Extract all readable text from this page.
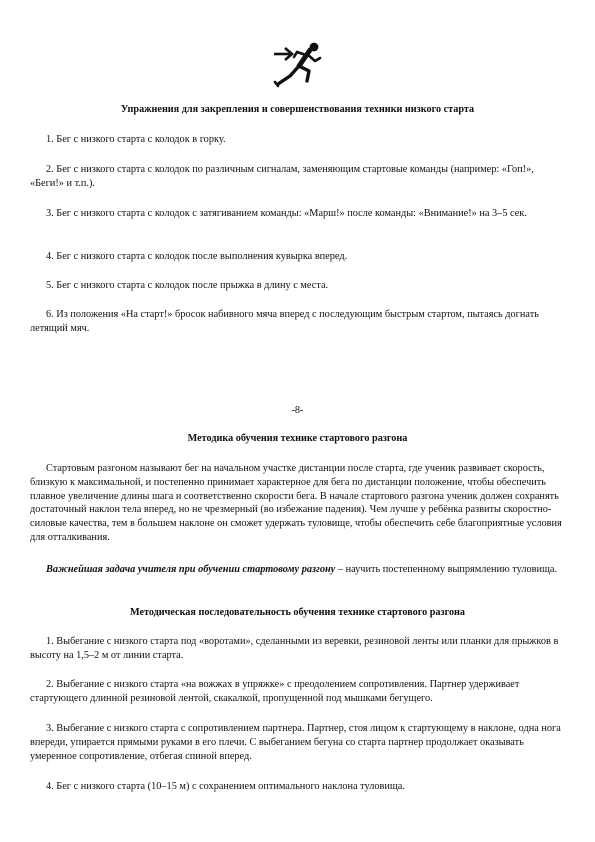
Упражнения для закрепления и совершенствования техники низкого старта

1. Бег с низкого старта с колодок в горку.

2. Бег с низкого старта с колодок по различным сигналам, заменяющим стартовые команды (например: «Гоп!», «Беги!» и т.п.).

3. Бег с низкого старта с колодок с затягиванием команды: «Марш!» после команды: «Внимание!» на 3–5 сек.

4. Бег с низкого старта с колодок после выполнения кувырка вперед.

5. Бег с низкого старта с колодок после прыжка в длину с места.

6. Из положения «На старт!» бросок набивного мяча вперед с последующим быстрым стартом, пытаясь догнать летящий мяч.

-8-

Методика обучения технике стартового разгона

Стартовым разгоном называют бег на начальном участке дистанции после старта, где ученик развивает скорость, близкую к максимальной, и постепенно принимает характерное для бега по дистанции положение, чтобы обеспечить плавное увеличение длины шага и соответственно скорости бега. В начале стартового разгона ученик должен сохранять достаточный наклон тела вперед, но не чрезмерный (во избежание падения). Чем лучше у ребёнка развиты скоростно-силовые качества, тем в большем наклоне он сможет удержать туловище, чтобы обеспечить себе благоприятные условия для отталкивания.

Важнейшая задача учителя при обучении стартовому разгону – научить постепенному выпрямлению туловища.

Методическая последовательность обучения технике стартового разгона

1. Выбегание с низкого старта под «воротами», сделанными из веревки, резиновой ленты или планки для прыжков в высоту на 1,5–2 м от линии старта.

2. Выбегание с низкого старта «на вожжах в упряжке» с преодолением сопротивления. Партнер удерживает стартующего длинной резиновой лентой, скакалкой, пропущенной под мышками бегущего.

3. Выбегание с низкого старта с сопротивлением партнера. Партнер, стоя лицом к стартующему в наклоне, одна нога впереди, упирается прямыми руками в его плечи. С выбеганием бегуна со старта партнер продолжает оказывать умеренное сопротивление, отбегая спиной вперед.

4. Бег с низкого старта (10–15 м) с сохранением оптимального наклона туловища.
